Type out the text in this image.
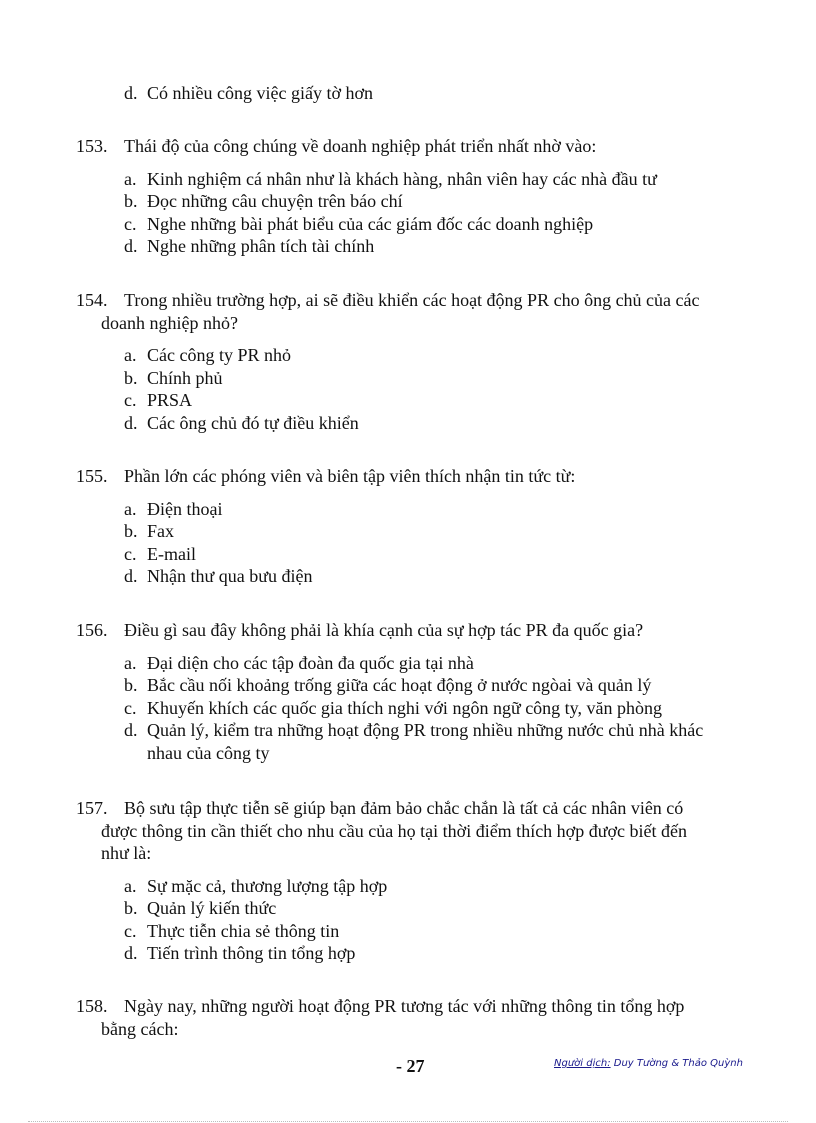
d. Có nhiều công việc giấy tờ hơn
153. Thái độ của công chúng về doanh nghiệp phát triển nhất nhờ vào:
a. Kinh nghiệm cá nhân như là khách hàng, nhân viên hay các nhà đầu tư
b. Đọc những câu chuyện trên báo chí
c. Nghe những bài phát biểu của các giám đốc các doanh nghiệp
d. Nghe những phân tích tài chính
154. Trong nhiều trường hợp, ai sẽ điều khiển các hoạt động PR cho ông chủ của các
doanh nghiệp nhỏ?
a. Các công ty PR nhỏ
b. Chính phủ
c. PRSA
d. Các ông chủ đó tự điều khiển
155. Phần lớn các phóng viên và biên tập viên thích nhận tin tức từ:
a. Điện thoại
b. Fax
c. E-mail
d. Nhận thư qua bưu điện
156. Điều gì sau đây không phải là khía cạnh của sự hợp tác PR đa quốc gia?
a. Đại diện cho các tập đoàn đa quốc gia tại nhà
b. Bắc cầu nối khoảng trống giữa các hoạt động ở nước ngòai và quản lý
c. Khuyến khích các quốc gia thích nghi với ngôn ngữ công ty, văn phòng
d. Quản lý, kiểm tra những hoạt động PR trong nhiều những nước chủ nhà khác
nhau của công ty
157. Bộ sưu tập thực tiễn sẽ giúp bạn đảm bảo chắc chắn là tất cả các nhân viên có
được thông tin cần thiết cho nhu cầu của họ tại thời điểm thích hợp được biết đến
như là:
a. Sự mặc cả, thương lượng tập hợp
b. Quản lý kiến thức
c. Thực tiễn chia sẻ thông tin
d. Tiến trình thông tin tổng hợp
158. Ngày nay, những người hoạt động PR tương tác với những thông tin tổng hợp
bằng cách:
- 27	Người dịch: Duy Tường & Thảo Quỳnh
